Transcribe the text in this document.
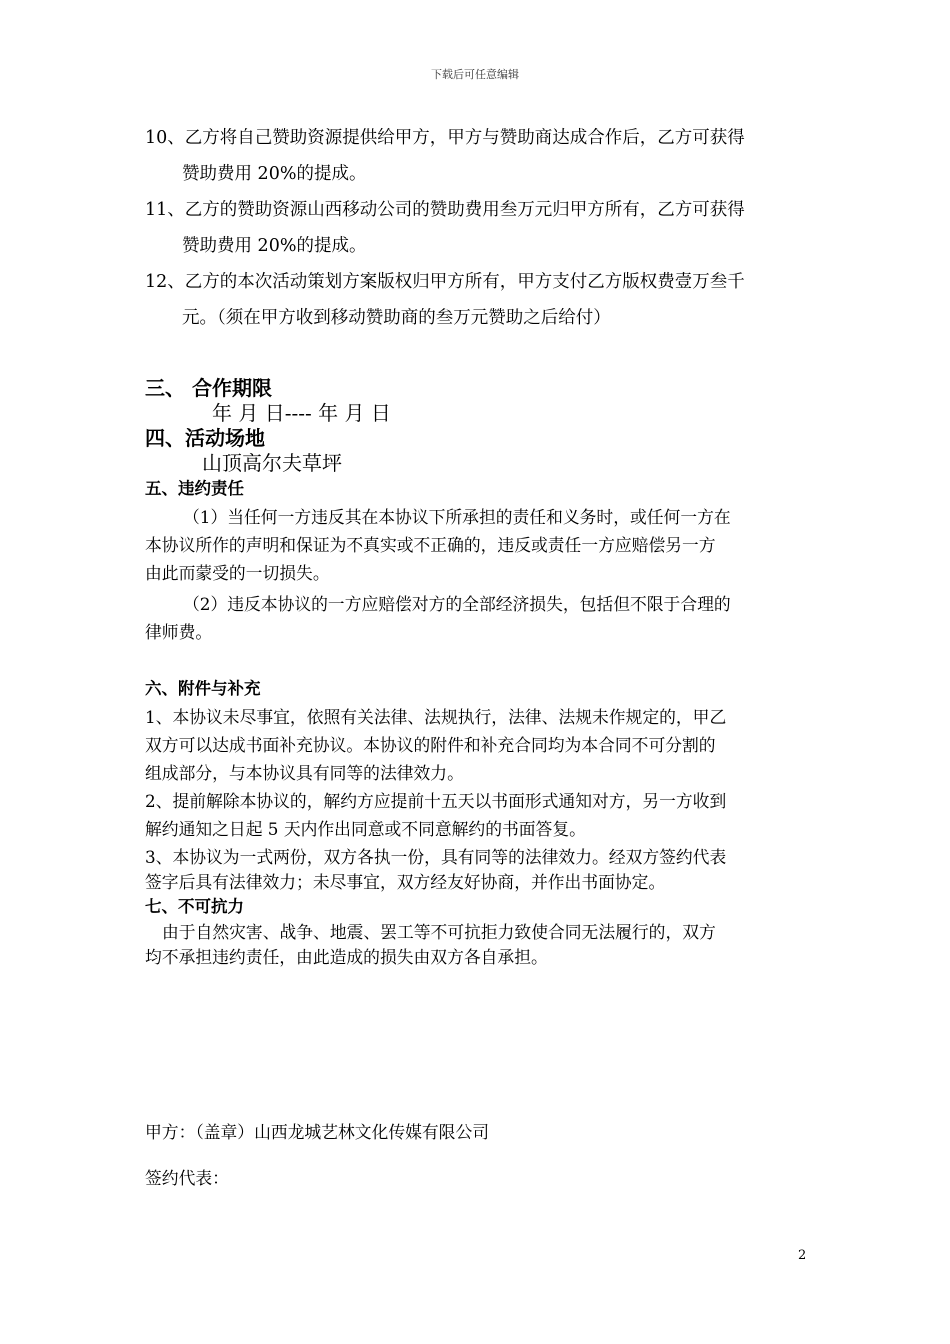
下载后可任意编辑
10、乙方将自己赞助资源提供给甲方，甲方与赞助商达成合作后，乙方可获得
赞助费用 20%的提成。
11、乙方的赞助资源山西移动公司的赞助费用叁万元归甲方所有，乙方可获得
赞助费用 20%的提成。
12、乙方的本次活动策划方案版权归甲方所有，甲方支付乙方版权费壹万叁千
元。（须在甲方收到移动赞助商的叁万元赞助之后给付）
三、 合作期限
年 月 日---- 年 月 日
四、活动场地
山顶高尔夫草坪
五、违约责任
（1）当任何一方违反其在本协议下所承担的责任和义务时，或任何一方在
本协议所作的声明和保证为不真实或不正确的，违反或责任一方应赔偿另一方
由此而蒙受的一切损失。
（2）违反本协议的一方应赔偿对方的全部经济损失，包括但不限于合理的
律师费。
六、附件与补充
1、本协议未尽事宜，依照有关法律、法规执行，法律、法规未作规定的，甲乙
双方可以达成书面补充协议。本协议的附件和补充合同均为本合同不可分割的
组成部分，与本协议具有同等的法律效力。
2、提前解除本协议的，解约方应提前十五天以书面形式通知对方，另一方收到
解约通知之日起 5 天内作出同意或不同意解约的书面答复。
3、本协议为一式两份，双方各执一份，具有同等的法律效力。经双方签约代表
签字后具有法律效力；未尽事宜，双方经友好协商，并作出书面协定。
七、不可抗力
由于自然灾害、战争、地震、罢工等不可抗拒力致使合同无法履行的，双方
均不承担违约责任，由此造成的损失由双方各自承担。
甲方：（盖章）山西龙城艺林文化传媒有限公司
签约代表：
2
